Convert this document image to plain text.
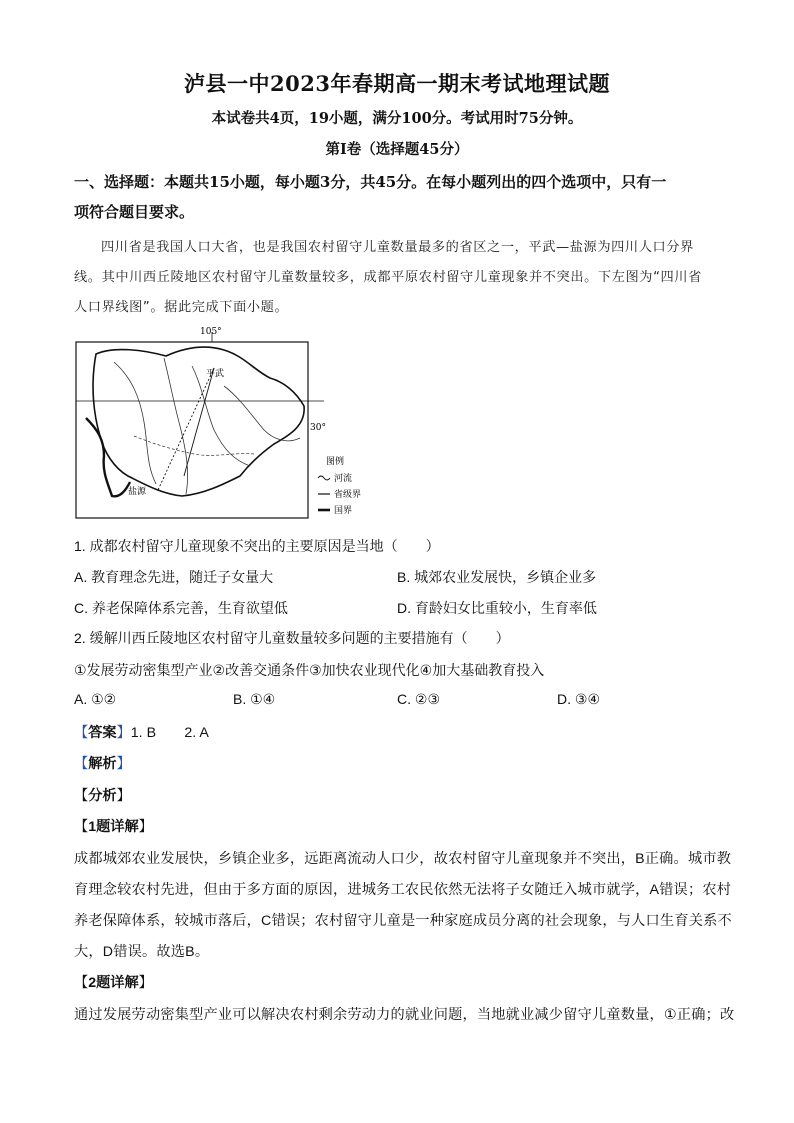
泸县一中2023年春期高一期末考试地理试题
本试卷共4页，19小题，满分100分。考试用时75分钟。
第I卷（选择题45分）
一、选择题：本题共15小题，每小题3分，共45分。在每小题列出的四个选项中，只有一
项符合题目要求。
四川省是我国人口大省，也是我国农村留守儿童数量最多的省区之一，平武—盐源为四川人口分界
线。其中川西丘陵地区农村留守儿童数量较多，成都平原农村留守儿童现象并不突出。下左图为“四川省
人口界线图”。据此完成下面小题。
105°
30°
平武
盐源
图例
河流
省级界
国界
1. 成都农村留守儿童现象不突出的主要原因是当地（　　）
A. 教育理念先进，随迁子女量大	B. 城郊农业发展快，乡镇企业多
C. 养老保障体系完善，生育欲望低	D. 育龄妇女比重较小，生育率低
2. 缓解川西丘陵地区农村留守儿童数量较多问题的主要措施有（　　）
①发展劳动密集型产业②改善交通条件③加快农业现代化④加大基础教育投入
A. ①②	B. ①④	C. ②③	D. ③④
【答案】1. B　　2. A
【解析】
【分析】
【1题详解】
成都城郊农业发展快，乡镇企业多，远距离流动人口少，故农村留守儿童现象并不突出，B正确。城市教
育理念较农村先进，但由于多方面的原因，进城务工农民依然无法将子女随迁入城市就学，A错误；农村
养老保障体系，较城市落后，C错误；农村留守儿童是一种家庭成员分离的社会现象，与人口生育关系不
大，D错误。故选B。
【2题详解】
通过发展劳动密集型产业可以解决农村剩余劳动力的就业问题，当地就业减少留守儿童数量，①正确；改
